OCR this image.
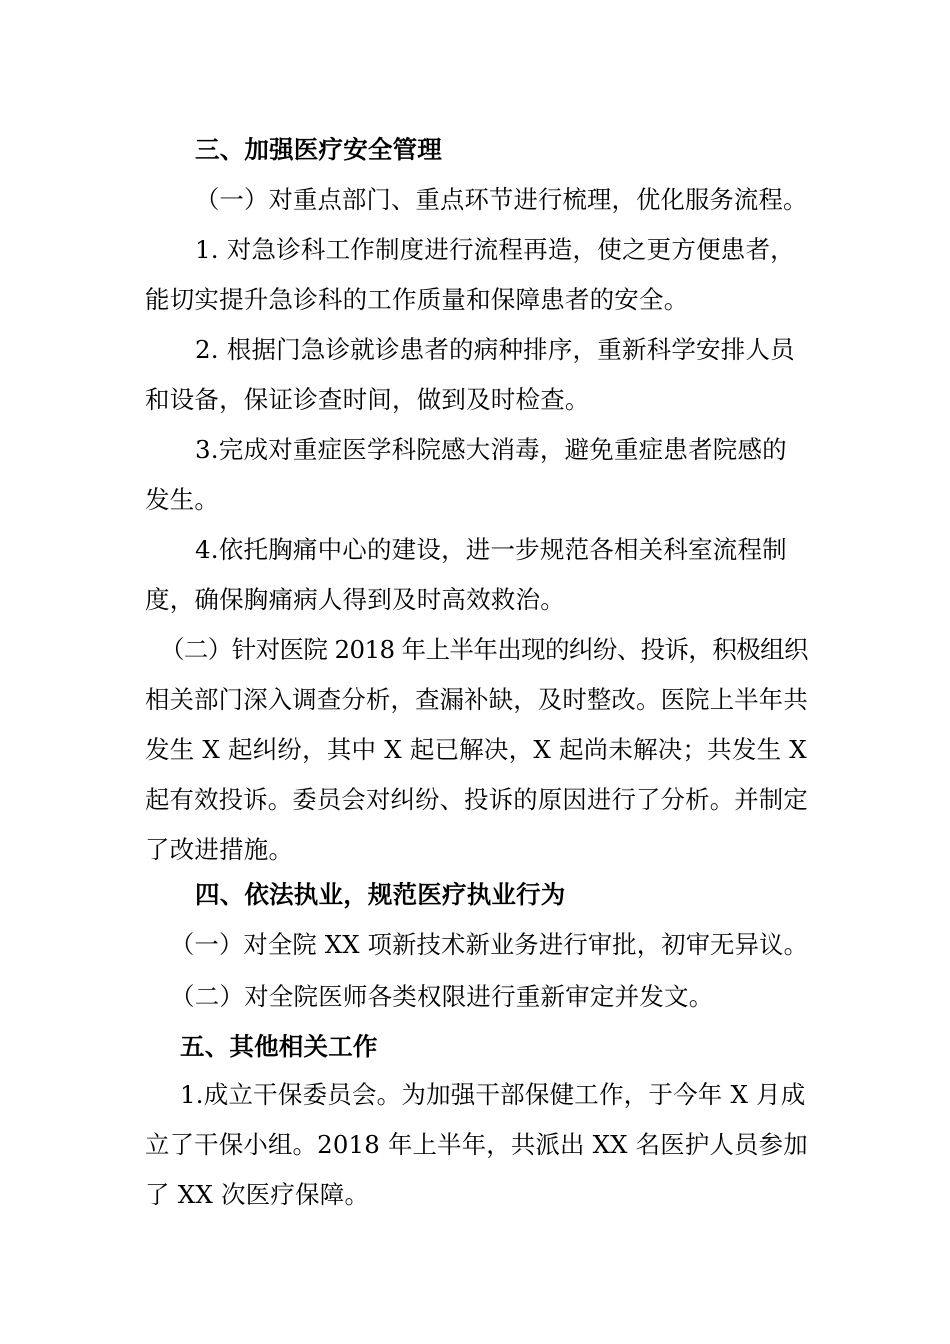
三、加强医疗安全管理
（一）对重点部门、重点环节进行梳理，优化服务流程。
1. 对急诊科工作制度进行流程再造，使之更方便患者，
能切实提升急诊科的工作质量和保障患者的安全。
2. 根据门急诊就诊患者的病种排序，重新科学安排人员
和设备，保证诊查时间，做到及时检查。
3.完成对重症医学科院感大消毒，避免重症患者院感的
发生。
4.依托胸痛中心的建设，进一步规范各相关科室流程制
度，确保胸痛病人得到及时高效救治。
（二）针对医院 2018 年上半年出现的纠纷、投诉，积极组织
相关部门深入调查分析，查漏补缺，及时整改。医院上半年共
发生 X 起纠纷，其中 X 起已解决，X 起尚未解决；共发生 X
起有效投诉。委员会对纠纷、投诉的原因进行了分析。并制定
了改进措施。
四、依法执业，规范医疗执业行为
（一）对全院 XX 项新技术新业务进行审批，初审无异议。
（二）对全院医师各类权限进行重新审定并发文。
五、其他相关工作
1.成立干保委员会。为加强干部保健工作，于今年 X 月成
立了干保小组。2018 年上半年，共派出 XX 名医护人员参加
了 XX 次医疗保障。
